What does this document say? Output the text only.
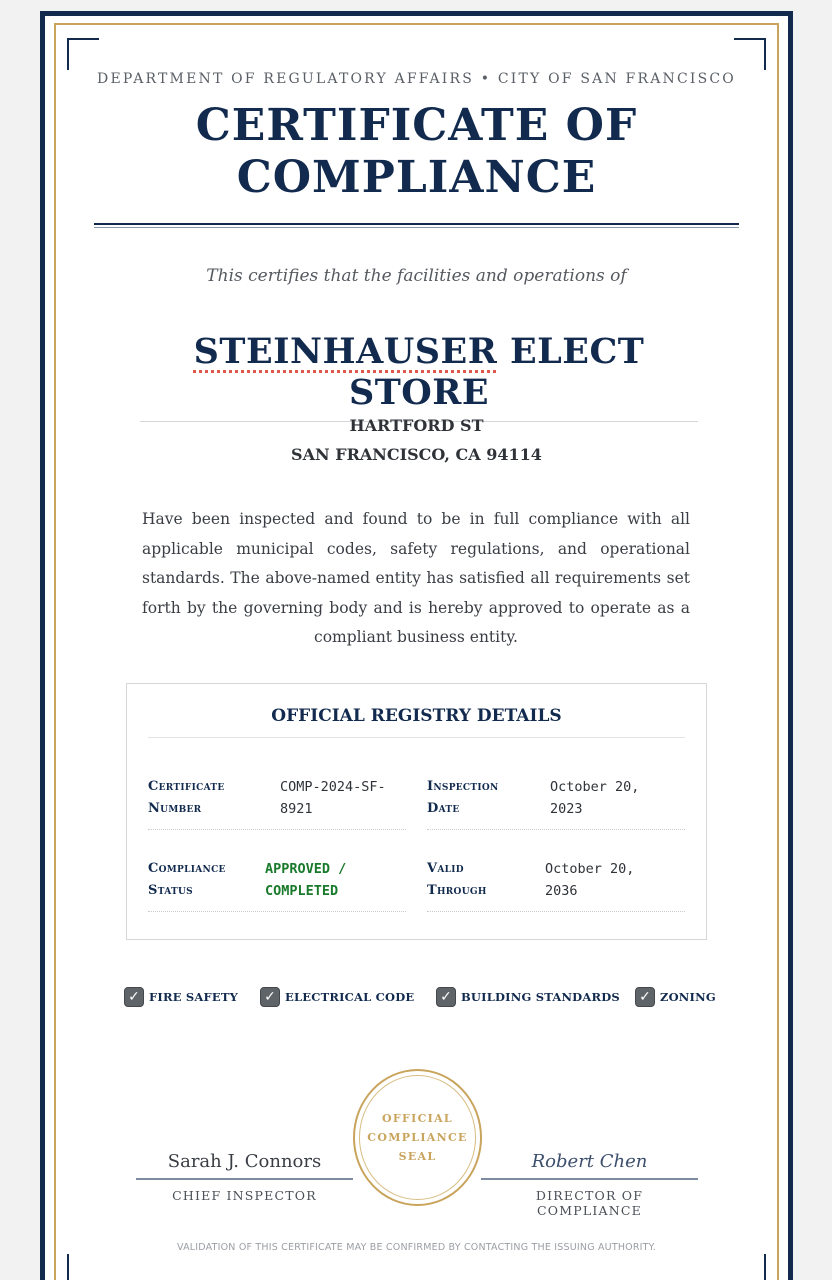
DEPARTMENT OF REGULATORY AFFAIRS • CITY OF SAN FRANCISCO
CERTIFICATE OF
COMPLIANCE
This certifies that the facilities and operations of
STEINHAUSER ELECT STORE
HARTFORD ST
SAN FRANCISCO, CA 94114
Have been inspected and found to be in full compliance with all applicable municipal codes, safety regulations, and operational standards. The above-named entity has satisfied all requirements set forth by the governing body and is hereby approved to operate as a compliant business entity.
OFFICIAL REGISTRY DETAILS
Certificate
Number
COMP-2024-SF-
8921
Inspection
Date
October 20,
2023
Compliance
Status
APPROVED /
COMPLETED
Valid
Through
October 20,
2036
✓ FIRE SAFETY ✓ ELECTRICAL CODE ✓ BUILDING STANDARDS ✓ ZONING
Sarah J. Connors
CHIEF INSPECTOR
OFFICIAL
COMPLIANCE
SEAL	Robert Chen
DIRECTOR OF COMPLIANCE
VALIDATION OF THIS CERTIFICATE MAY BE CONFIRMED BY CONTACTING THE ISSUING AUTHORITY.
